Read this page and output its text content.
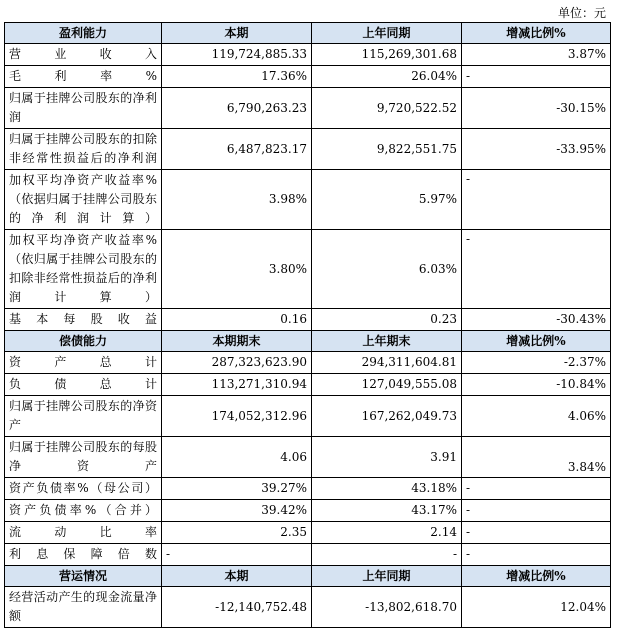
单位：元
盈利能力	本期	上年同期	增减比例%
营业收入	119,724,885.33	115,269,301.68	3.87%
毛利率%	17.36%	26.04%	-
归属于挂牌公司股东的净利润	6,790,263.23	9,720,522.52	-30.15%
归属于挂牌公司股东的扣除非经常性损益后的净利润	6,487,823.17	9,822,551.75	-33.95%
加权平均净资产收益率%（依据归属于挂牌公司股东的净利润计算）	3.98%	5.97%	-
加权平均净资产收益率%（依归属于挂牌公司股东的扣除非经常性损益后的净利润计算）	3.80%	6.03%	-
基本每股收益	0.16	0.23	-30.43%
偿债能力	本期期末	上年期末	增减比例%
资产总计	287,323,623.90	294,311,604.81	-2.37%
负债总计	113,271,310.94	127,049,555.08	-10.84%
归属于挂牌公司股东的净资产	174,052,312.96	167,262,049.73	4.06%
归属于挂牌公司股东的每股净资产	4.06	3.91	3.84%
资产负债率%（母公司）	39.27%	43.18%	-
资产负债率%（合并）	39.42%	43.17%	-
流动比率	2.35	2.14	-
利息保障倍数	-	-	-
营运情况	本期	上年同期	增减比例%
经营活动产生的现金流量净额	-12,140,752.48	-13,802,618.70	12.04%
